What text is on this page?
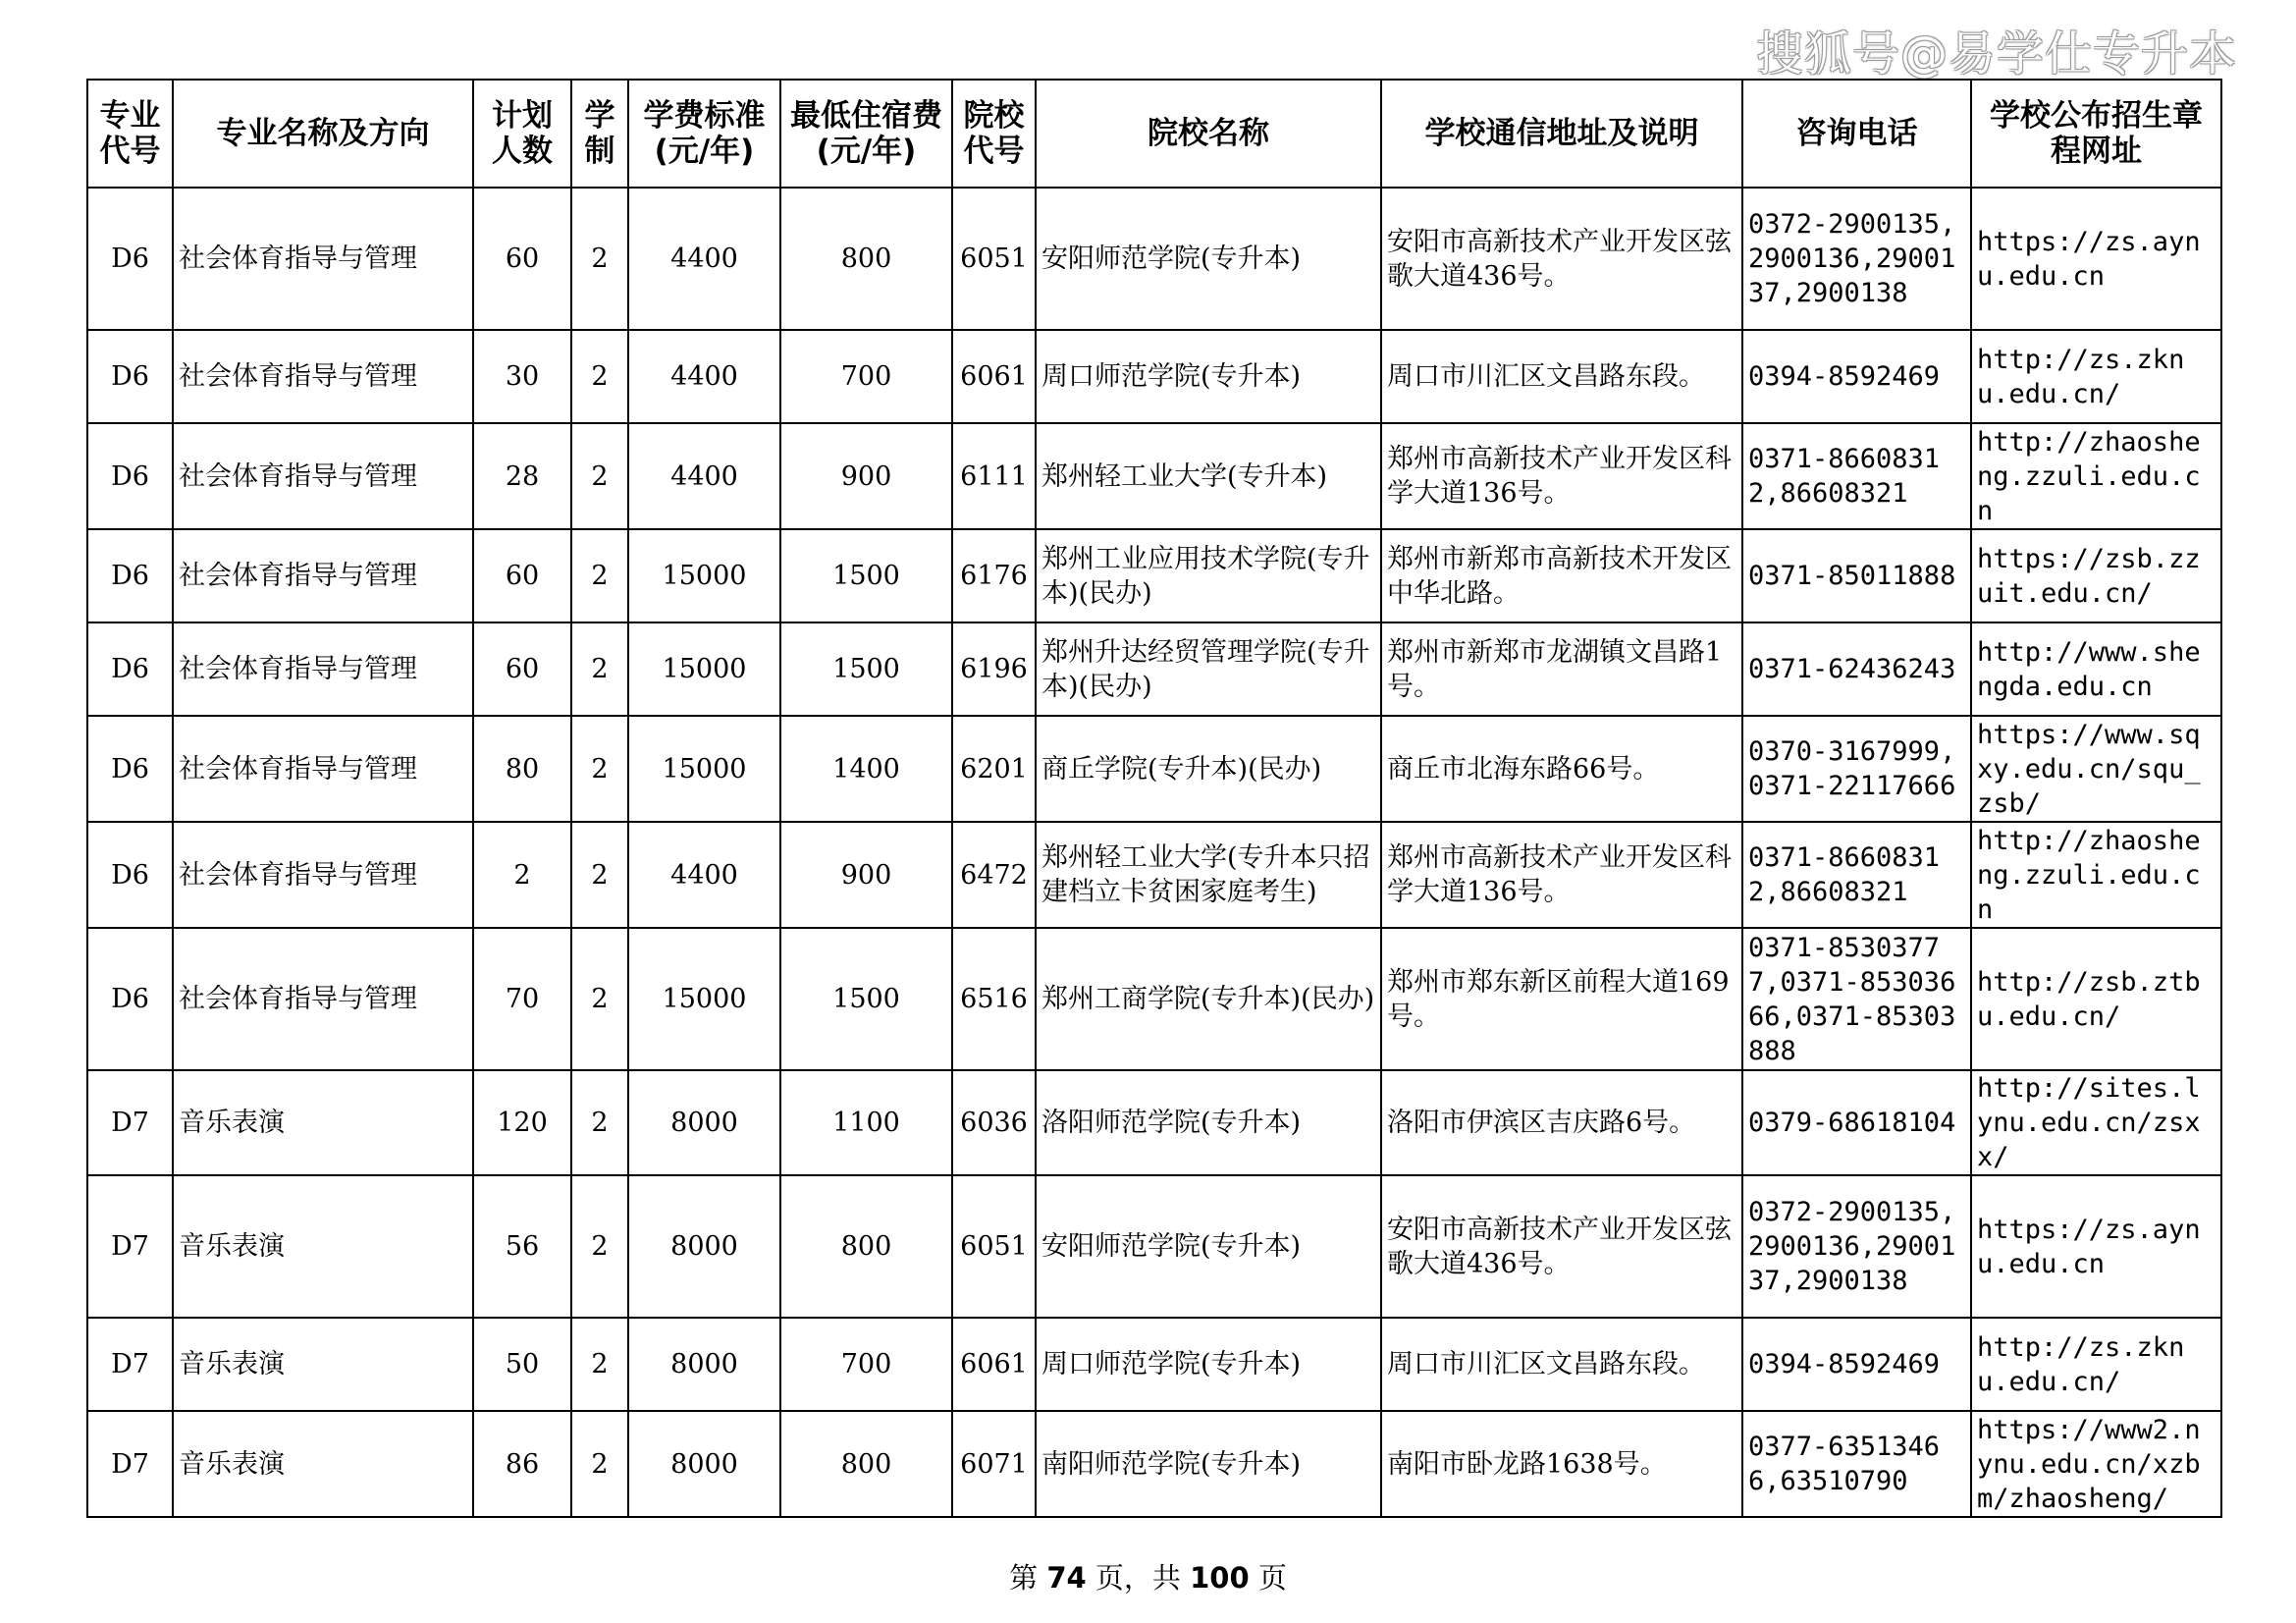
搜狐号@易学仕专升本
专业代号	专业名称及方向	计划人数	学制	学费标准(元/年)	最低住宿费(元/年)	院校代号	院校名称	学校通信地址及说明	咨询电话	学校公布招生章程网址
D6	社会体育指导与管理	60	2	4400	800	6051	安阳师范学院(专升本)	安阳市高新技术产业开发区弦歌大道436号。	0372-2900135,2900136,2900137,2900138	https://zs.aynu.edu.cn
D6	社会体育指导与管理	30	2	4400	700	6061	周口师范学院(专升本)	周口市川汇区文昌路东段。	0394-8592469	http://zs.zknu.edu.cn/
D6	社会体育指导与管理	28	2	4400	900	6111	郑州轻工业大学(专升本)	郑州市高新技术产业开发区科学大道136号。	0371-86608312,86608321	http://zhaosheng.zzuli.edu.cn
D6	社会体育指导与管理	60	2	15000	1500	6176	郑州工业应用技术学院(专升本)(民办)	郑州市新郑市高新技术开发区中华北路。	0371-85011888	https://zsb.zzuit.edu.cn/
D6	社会体育指导与管理	60	2	15000	1500	6196	郑州升达经贸管理学院(专升本)(民办)	郑州市新郑市龙湖镇文昌路1号。	0371-62436243	http://www.shengda.edu.cn
D6	社会体育指导与管理	80	2	15000	1400	6201	商丘学院(专升本)(民办)	商丘市北海东路66号。	0370-3167999,0371-22117666	https://www.sqxy.edu.cn/squ_zsb/
D6	社会体育指导与管理	2	2	4400	900	6472	郑州轻工业大学(专升本只招建档立卡贫困家庭考生)	郑州市高新技术产业开发区科学大道136号。	0371-86608312,86608321	http://zhaosheng.zzuli.edu.cn
D6	社会体育指导与管理	70	2	15000	1500	6516	郑州工商学院(专升本)(民办)	郑州市郑东新区前程大道169号。	0371-85303777,0371-85303666,0371-85303888	http://zsb.ztbu.edu.cn/
D7	音乐表演	120	2	8000	1100	6036	洛阳师范学院(专升本)	洛阳市伊滨区吉庆路6号。	0379-68618104	http://sites.lynu.edu.cn/zsxx/
D7	音乐表演	56	2	8000	800	6051	安阳师范学院(专升本)	安阳市高新技术产业开发区弦歌大道436号。	0372-2900135,2900136,2900137,2900138	https://zs.aynu.edu.cn
D7	音乐表演	50	2	8000	700	6061	周口师范学院(专升本)	周口市川汇区文昌路东段。	0394-8592469	http://zs.zknu.edu.cn/
D7	音乐表演	86	2	8000	800	6071	南阳师范学院(专升本)	南阳市卧龙路1638号。	0377-63513466,63510790	https://www2.nynu.edu.cn/xzbm/zhaosheng/
第 74 页，共 100 页
